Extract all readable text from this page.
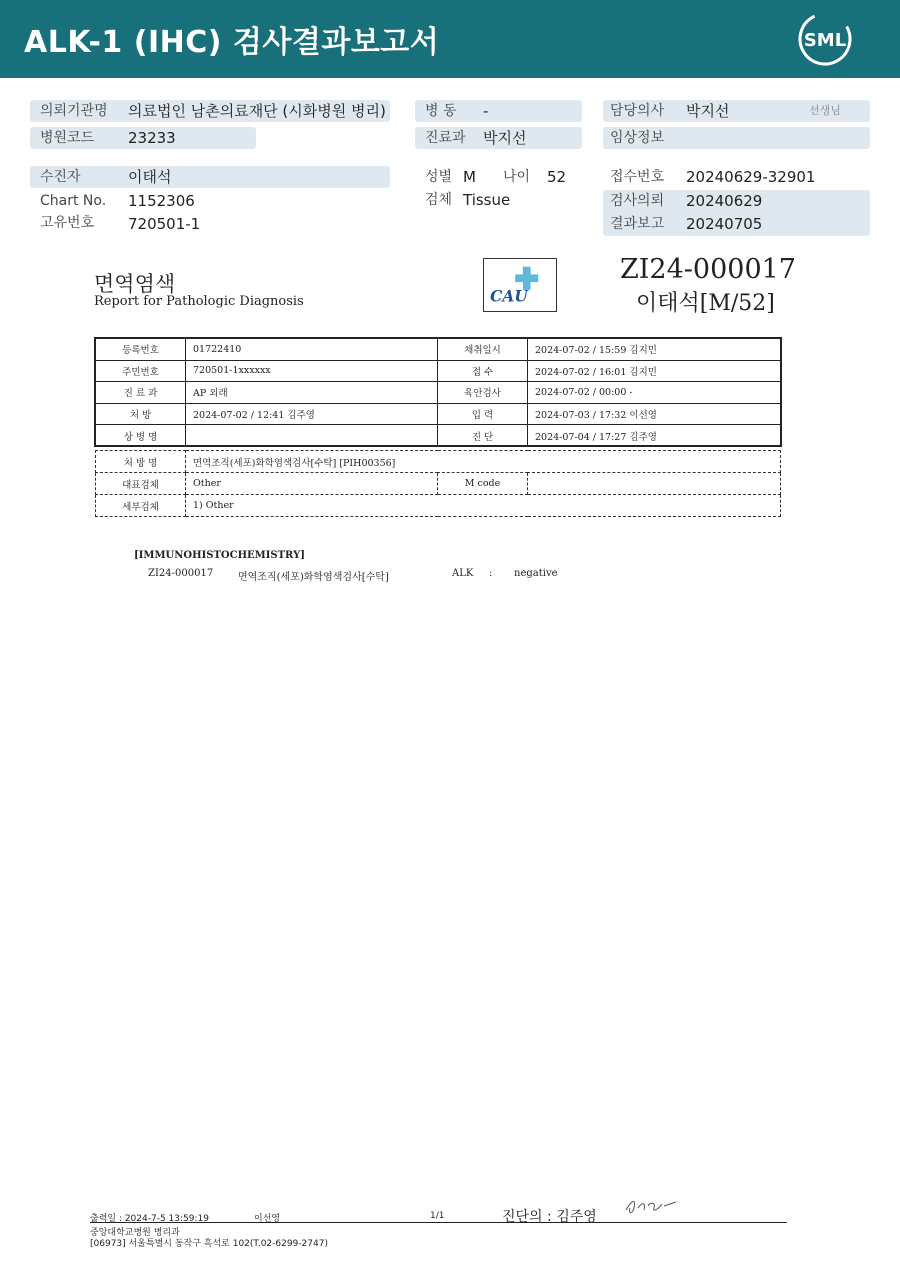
ALK-1 (IHC) 검사결과보고서	SML
의뢰기관명 의료법인 남촌의료재단 (시화병원 병리)
병원코드 23233
병 동 -
진료과 박지선
담당의사 박지선	선생님
임상정보
수진자	이태석
Chart No. 1152306
고유번호 720501-1
성별 M 나이 52
검체 Tissue
접수번호 20240629-32901
검사의뢰 20240629
결과보고 20240705
면역염색
Report for Pathologic Diagnosis	CAU
ZI24-000017
이태석[M/52]
등록번호	01722410	채취일시	2024-07-02 / 15:59 김지민
주민번호	720501-1xxxxxx	접 수	2024-07-02 / 16:01 김지민
진 료 과	AP 외래	육안검사	2024-07-02 / 00:00 -
처 방	2024-07-02 / 12:41 김주영	입 력	2024-07-03 / 17:32 이선영
상 병 명		진 단	2024-07-04 / 17:27 김주영
처 방 명	면역조직(세포)화학염색검사[수탁] [PIH00356]		
대표검체	Other	M code	
세부검체	1) Other		
[IMMUNOHISTOCHEMISTRY]
ZI24-000017 면역조직(세포)화학염색검사[수탁]	ALK : negative
출력일 : 2024-7-5 13:59:19	이선영	1/1	진단의 : 김주영
중앙대학교병원 병리과
[06973] 서울특별시 동작구 흑석로 102(T.02-6299-2747)
